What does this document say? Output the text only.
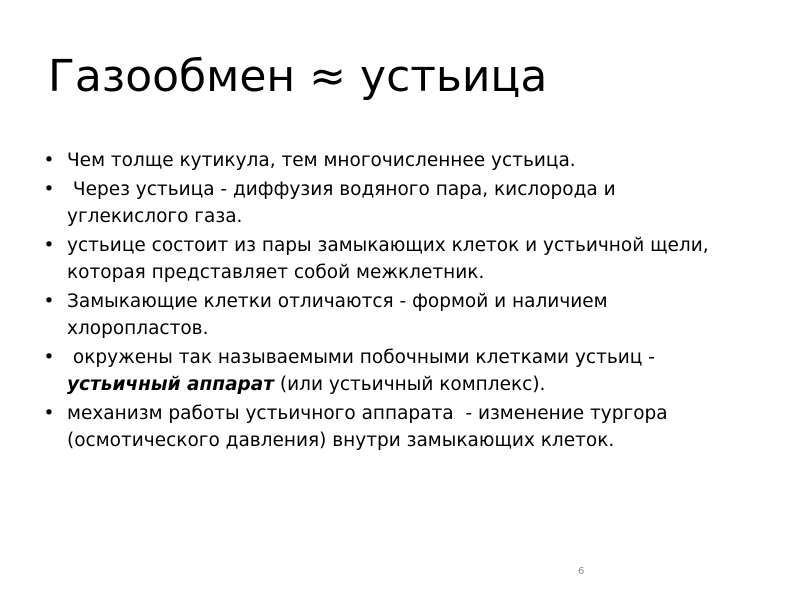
Газообмен ≈ устьица
• Чем толще кутикула, тем многочисленнее устьица.
• Через устьица - диффузия водяного пара, кислорода и углекислого газа.
• устьице состоит из пары замыкающих клеток и устьичной щели, которая представляет собой межклетник.
• Замыкающие клетки отличаются - формой и наличием хлоропластов.
• окружены так называемыми побочными клетками устьиц - устьичный аппарат (или устьичный комплекс).
• механизм работы устьичного аппарата  - изменение тургора (осмотического давления) внутри замыкающих клеток.
6
